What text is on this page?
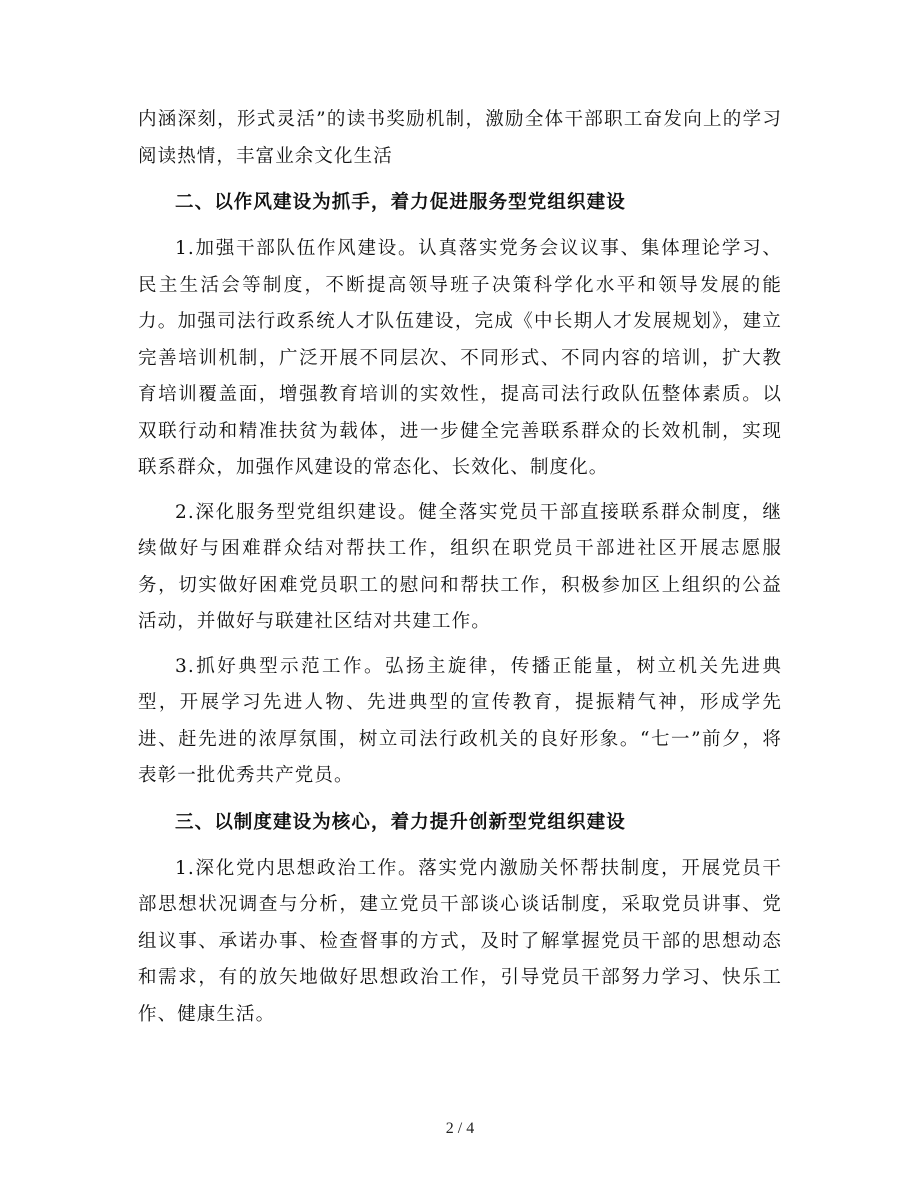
内涵深刻，形式灵活”的读书奖励机制，激励全体干部职工奋发向上的学习阅读热情，丰富业余文化生活

二、以作风建设为抓手，着力促进服务型党组织建设

1.加强干部队伍作风建设。认真落实党务会议议事、集体理论学习、民主生活会等制度，不断提高领导班子决策科学化水平和领导发展的能力。加强司法行政系统人才队伍建设，完成《中长期人才发展规划》，建立完善培训机制，广泛开展不同层次、不同形式、不同内容的培训，扩大教育培训覆盖面，增强教育培训的实效性，提高司法行政队伍整体素质。以双联行动和精准扶贫为载体，进一步健全完善联系群众的长效机制，实现联系群众，加强作风建设的常态化、长效化、制度化。

2.深化服务型党组织建设。健全落实党员干部直接联系群众制度，继续做好与困难群众结对帮扶工作，组织在职党员干部进社区开展志愿服务，切实做好困难党员职工的慰问和帮扶工作，积极参加区上组织的公益活动，并做好与联建社区结对共建工作。

3.抓好典型示范工作。弘扬主旋律，传播正能量，树立机关先进典型，开展学习先进人物、先进典型的宣传教育，提振精气神，形成学先进、赶先进的浓厚氛围，树立司法行政机关的良好形象。“七一”前夕，将表彰一批优秀共产党员。

三、以制度建设为核心，着力提升创新型党组织建设

1.深化党内思想政治工作。落实党内激励关怀帮扶制度，开展党员干部思想状况调查与分析，建立党员干部谈心谈话制度，采取党员讲事、党组议事、承诺办事、检查督事的方式，及时了解掌握党员干部的思想动态和需求，有的放矢地做好思想政治工作，引导党员干部努力学习、快乐工作、健康生活。

2 / 4
